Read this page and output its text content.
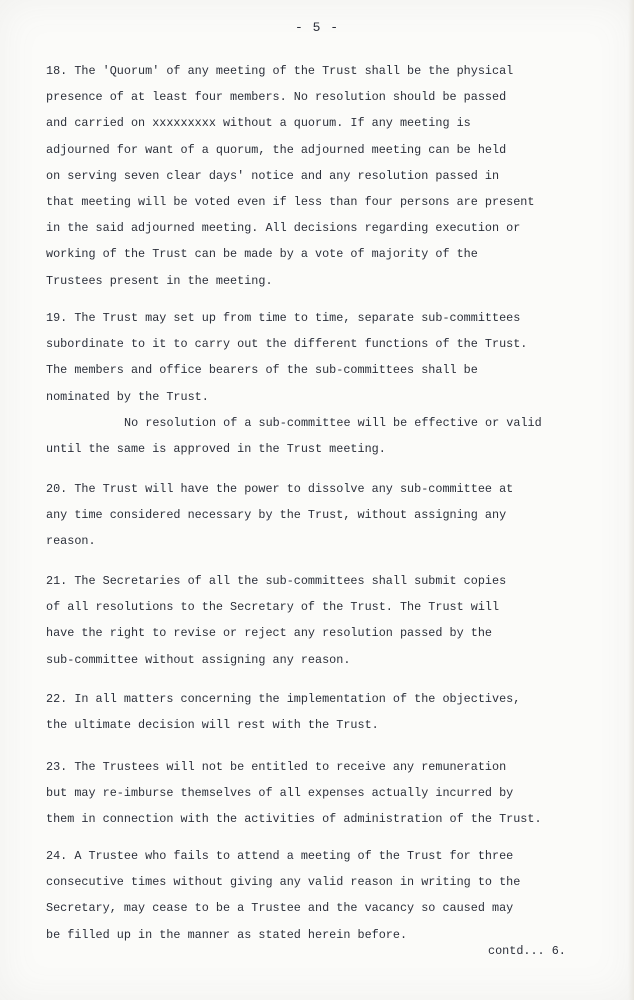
- 5 -

18. The 'Quorum' of any meeting of the Trust shall be the physical
presence of at least four members. No resolution should be passed
and carried on xxxxxxxxx without a quorum. If any meeting is
adjourned for want of a quorum, the adjourned meeting can be held
on serving seven clear days' notice and any resolution passed in
that meeting will be voted even if less than four persons are present
in the said adjourned meeting. All decisions regarding execution or
working of the Trust can be made by a vote of majority of the
Trustees present in the meeting.

19. The Trust may set up from time to time, separate sub-committees
subordinate to it to carry out the different functions of the Trust.
The members and office bearers of the sub-committees shall be
nominated by the Trust.
No resolution of a sub-committee will be effective or valid
until the same is approved in the Trust meeting.

20. The Trust will have the power to dissolve any sub-committee at
any time considered necessary by the Trust, without assigning any
reason.

21. The Secretaries of all the sub-committees shall submit copies
of all resolutions to the Secretary of the Trust. The Trust will
have the right to revise or reject any resolution passed by the
sub-committee without assigning any reason.

22. In all matters concerning the implementation of the objectives,
the ultimate decision will rest with the Trust.

23. The Trustees will not be entitled to receive any remuneration
but may re-imburse themselves of all expenses actually incurred by
them in connection with the activities of administration of the Trust.

24. A Trustee who fails to attend a meeting of the Trust for three
consecutive times without giving any valid reason in writing to the
Secretary, may cease to be a Trustee and the vacancy so caused may
be filled up in the manner as stated herein before.

contd... 6.
